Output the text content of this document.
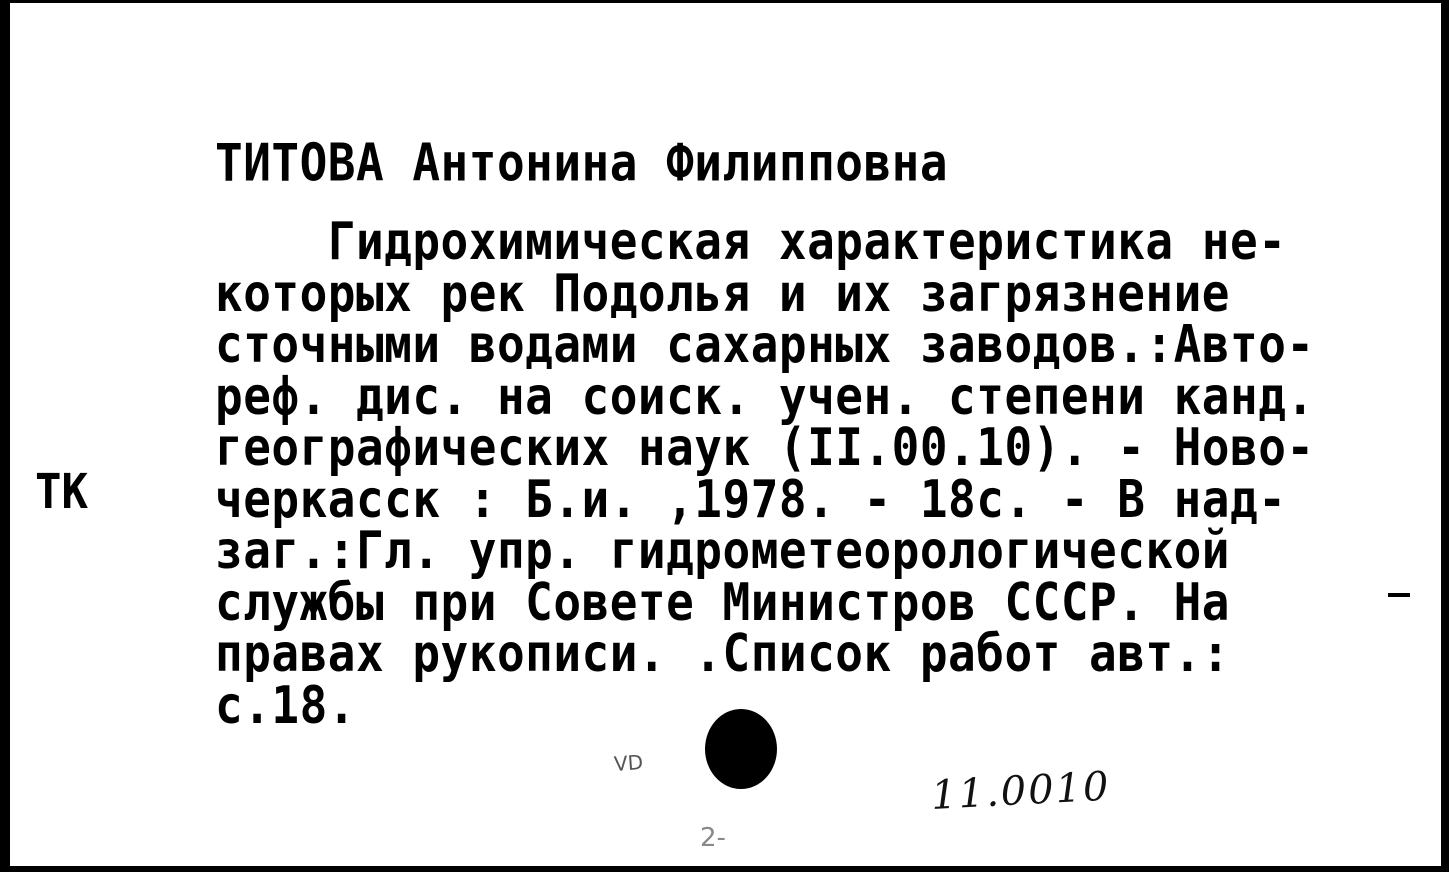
ТИТОВА Антонина Филипповна
Гидрохимическая характеристика не-
которых рек Подолья и их загрязнение
сточными водами сахарных заводов.:Авто-
реф. дис. на соиск. учен. степени канд.
географических наук (II.00.10). - Ново-
черкасск : Б.и. ,1978. - 18с. - В над-
заг.:Гл. упр. гидрометеорологической
службы при Совете Министров СССР. На
правах рукописи. .Список работ авт.:
с.18.
ТК
VD
11.0010
2-
